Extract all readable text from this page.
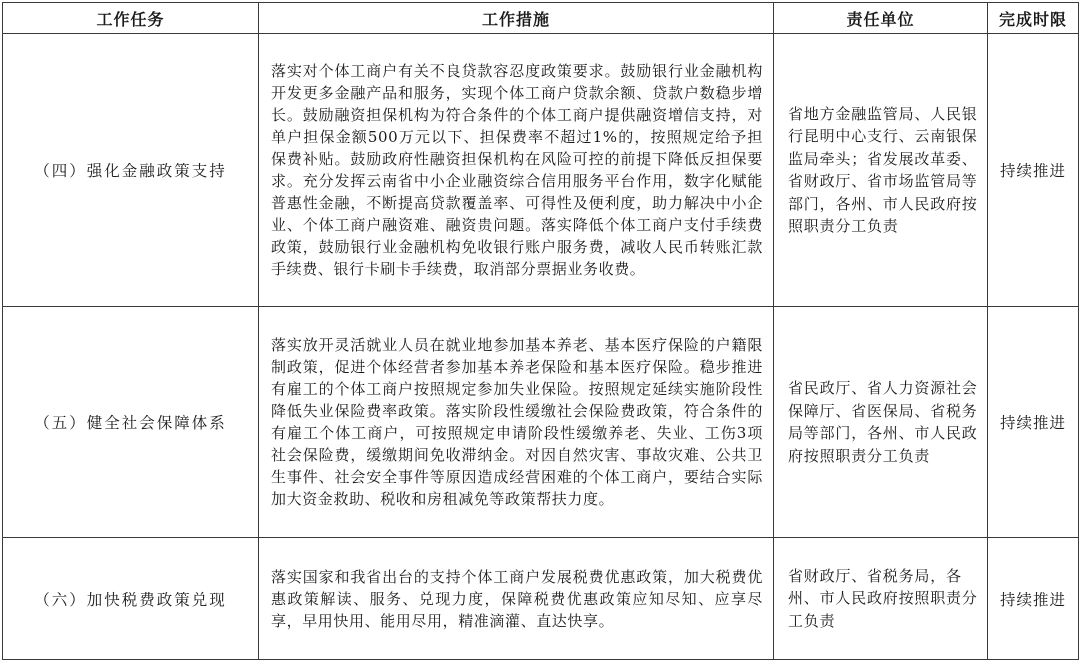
工作任务	工作措施	责任单位	完成时限
（四）强化金融政策支持	落实对个体工商户有关不良贷款容忍度政策要求。鼓励银行业金融机构开发更多金融产品和服务，实现个体工商户贷款余额、贷款户数稳步增长。鼓励融资担保机构为符合条件的个体工商户提供融资增信支持，对单户担保金额500万元以下、担保费率不超过1%的，按照规定给予担保费补贴。鼓励政府性融资担保机构在风险可控的前提下降低反担保要求。充分发挥云南省中小企业融资综合信用服务平台作用，数字化赋能普惠性金融，不断提高贷款覆盖率、可得性及便利度，助力解决中小企业、个体工商户融资难、融资贵问题。落实降低个体工商户支付手续费政策，鼓励银行业金融机构免收银行账户服务费，减收人民币转账汇款手续费、银行卡刷卡手续费，取消部分票据业务收费。	省地方金融监管局、人民银行昆明中心支行、云南银保监局牵头；省发展改革委、省财政厅、省市场监管局等部门，各州、市人民政府按照职责分工负责	持续推进
（五）健全社会保障体系	落实放开灵活就业人员在就业地参加基本养老、基本医疗保险的户籍限制政策，促进个体经营者参加基本养老保险和基本医疗保险。稳步推进有雇工的个体工商户按照规定参加失业保险。按照规定延续实施阶段性降低失业保险费率政策。落实阶段性缓缴社会保险费政策，符合条件的有雇工个体工商户，可按照规定申请阶段性缓缴养老、失业、工伤3项社会保险费，缓缴期间免收滞纳金。对因自然灾害、事故灾难、公共卫生事件、社会安全事件等原因造成经营困难的个体工商户，要结合实际加大资金救助、税收和房租减免等政策帮扶力度。	省民政厅、省人力资源社会保障厅、省医保局、省税务局等部门，各州、市人民政府按照职责分工负责	持续推进
（六）加快税费政策兑现	落实国家和我省出台的支持个体工商户发展税费优惠政策，加大税费优惠政策解读、服务、兑现力度，保障税费优惠政策应知尽知、应享尽享，早用快用、能用尽用，精准滴灌、直达快享。	省财政厅、省税务局，各州、市人民政府按照职责分工负责	持续推进
